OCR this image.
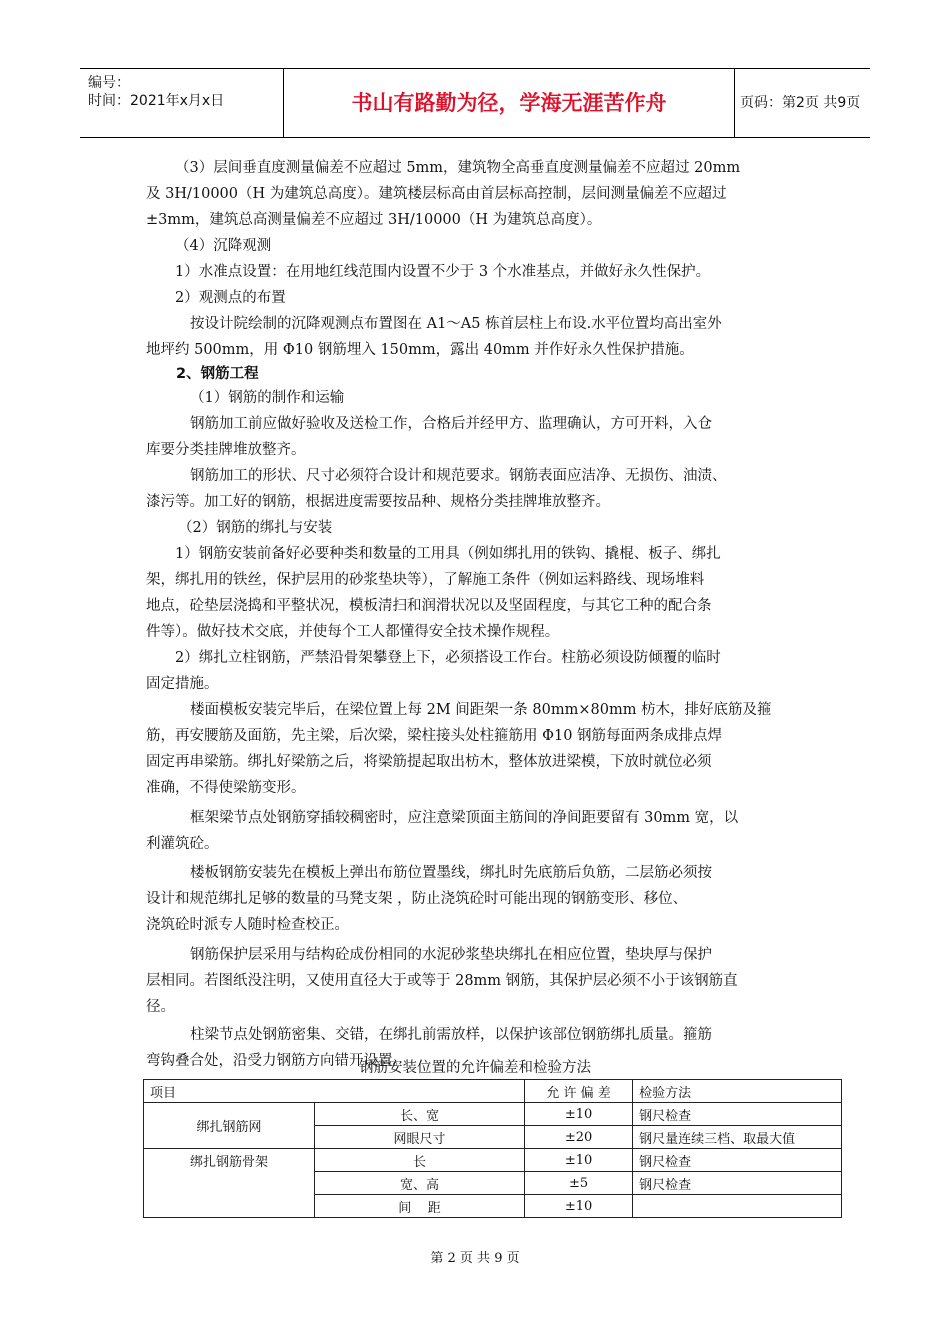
编号：
时间：2021年x月x日	书山有路勤为径，学海无涯苦作舟	页码：第2页 共9页
（3）层间垂直度测量偏差不应超过 5mm，建筑物全高垂直度测量偏差不应超过 20mm
及 3H/10000（H 为建筑总高度）。建筑楼层标高由首层标高控制，层间测量偏差不应超过
±3mm，建筑总高测量偏差不应超过 3H/10000（H 为建筑总高度）。
（4）沉降观测
1）水准点设置：在用地红线范围内设置不少于 3 个水准基点，并做好永久性保护。
2）观测点的布置
按设计院绘制的沉降观测点布置图在 A1～A5 栋首层柱上布设.水平位置均高出室外
地坪约 500mm，用 Φ10 钢筋埋入 150mm，露出 40mm 并作好永久性保护措施。
2、钢筋工程
（1）钢筋的制作和运输
钢筋加工前应做好验收及送检工作，合格后并经甲方、监理确认，方可开料，入仓
库要分类挂牌堆放整齐。
钢筋加工的形状、尺寸必须符合设计和规范要求。钢筋表面应洁净、无损伤、油渍、
漆污等。加工好的钢筋，根据进度需要按品种、规格分类挂牌堆放整齐。
（2）钢筋的绑扎与安装
1）钢筋安装前备好必要种类和数量的工用具（例如绑扎用的铁钩、撬棍、板子、绑扎
架，绑扎用的铁丝，保护层用的砂浆垫块等），了解施工条件（例如运料路线、现场堆料
地点，砼垫层浇捣和平整状况，模板清扫和润滑状况以及坚固程度，与其它工种的配合条
件等）。做好技术交底，并使每个工人都懂得安全技术操作规程。
2）绑扎立柱钢筋，严禁沿骨架攀登上下，必须搭设工作台。柱筋必须设防倾覆的临时
固定措施。
楼面模板安装完毕后，在梁位置上每 2M 间距架一条 80mm×80mm 枋木，排好底筋及箍
筋，再安腰筋及面筋，先主梁，后次梁，梁柱接头处柱箍筋用 Φ10 钢筋每面两条成排点焊
固定再串梁筋。绑扎好梁筋之后，将梁筋提起取出枋木，整体放进梁模，下放时就位必须
准确，不得使梁筋变形。
框架梁节点处钢筋穿插较稠密时，应注意梁顶面主筋间的净间距要留有 30mm 宽，以
利灌筑砼。
楼板钢筋安装先在模板上弹出布筋位置墨线，绑扎时先底筋后负筋，二层筋必须按
设计和规范绑扎足够的数量的马凳支架 ，防止浇筑砼时可能出现的钢筋变形、移位、
浇筑砼时派专人随时检查校正。
钢筋保护层采用与结构砼成份相同的水泥砂浆垫块绑扎在相应位置，垫块厚与保护
层相同。若图纸没注明，又使用直径大于或等于 28mm 钢筋，其保护层必须不小于该钢筋直
径。
柱梁节点处钢筋密集、交错，在绑扎前需放样，以保护该部位钢筋绑扎质量。箍筋
弯钩叠合处，沿受力钢筋方向错开设置。
钢筋安装位置的允许偏差和检验方法
项目		允 许 偏 差	检验方法
绑扎钢筋网	长、宽	±10	钢尺检查
	网眼尺寸	±20	钢尺量连续三档、取最大值
绑扎钢筋骨架	长	±10	钢尺检查
	宽、高	±5	钢尺检查
	间    距	±10	
第 2 页 共 9 页
